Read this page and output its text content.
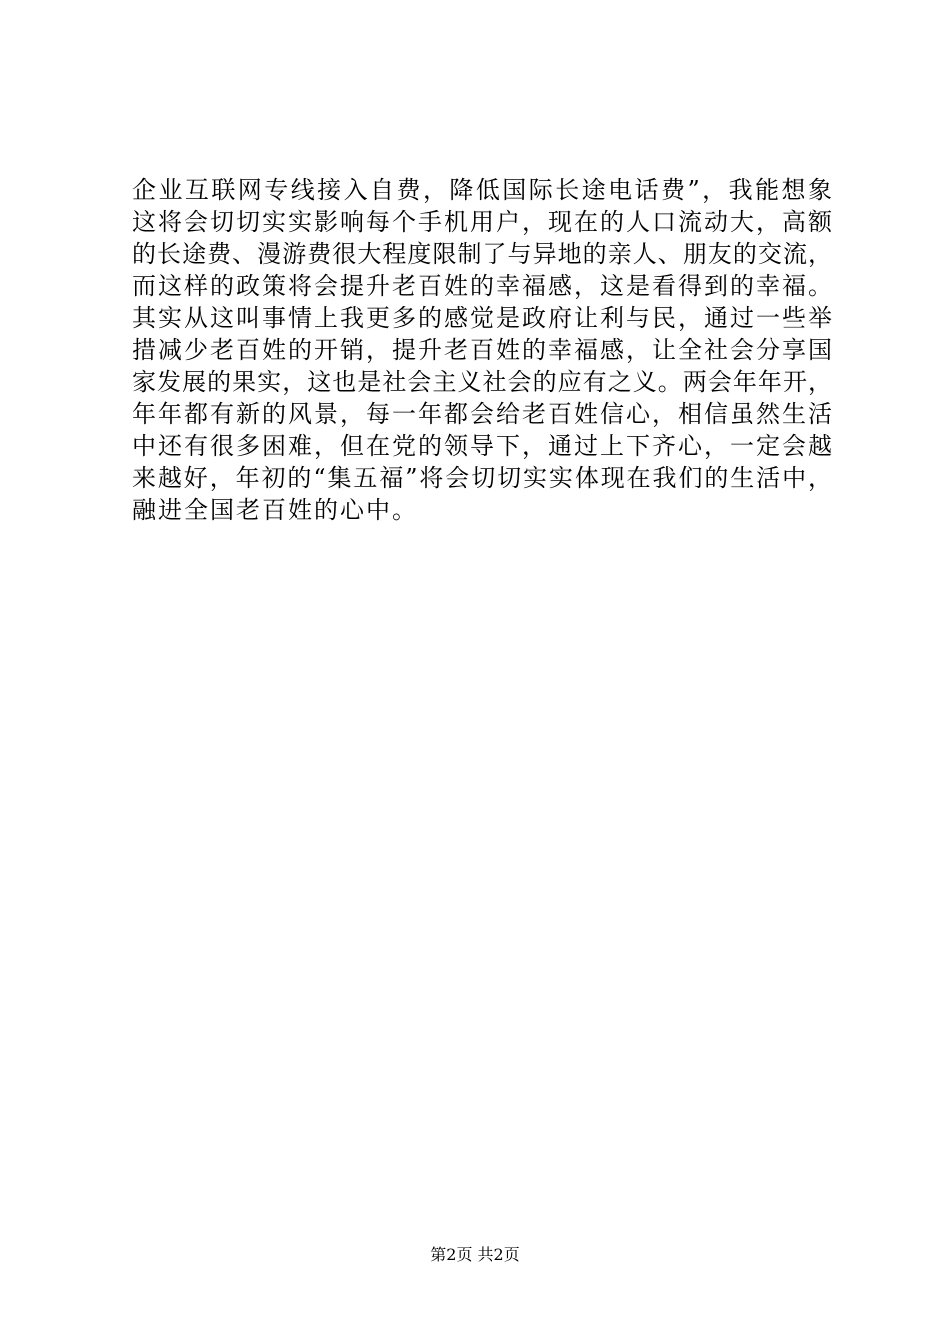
企业互联网专线接入自费，降低国际长途电话费”，我能想象
这将会切切实实影响每个手机用户，现在的人口流动大，高额
的长途费、漫游费很大程度限制了与异地的亲人、朋友的交流，
而这样的政策将会提升老百姓的幸福感，这是看得到的幸福。
其实从这叫事情上我更多的感觉是政府让利与民，通过一些举
措减少老百姓的开销，提升老百姓的幸福感，让全社会分享国
家发展的果实，这也是社会主义社会的应有之义。两会年年开，
年年都有新的风景，每一年都会给老百姓信心，相信虽然生活
中还有很多困难，但在党的领导下，通过上下齐心，一定会越
来越好，年初的“集五福”将会切切实实体现在我们的生活中，
融进全国老百姓的心中。
第2页 共2页
